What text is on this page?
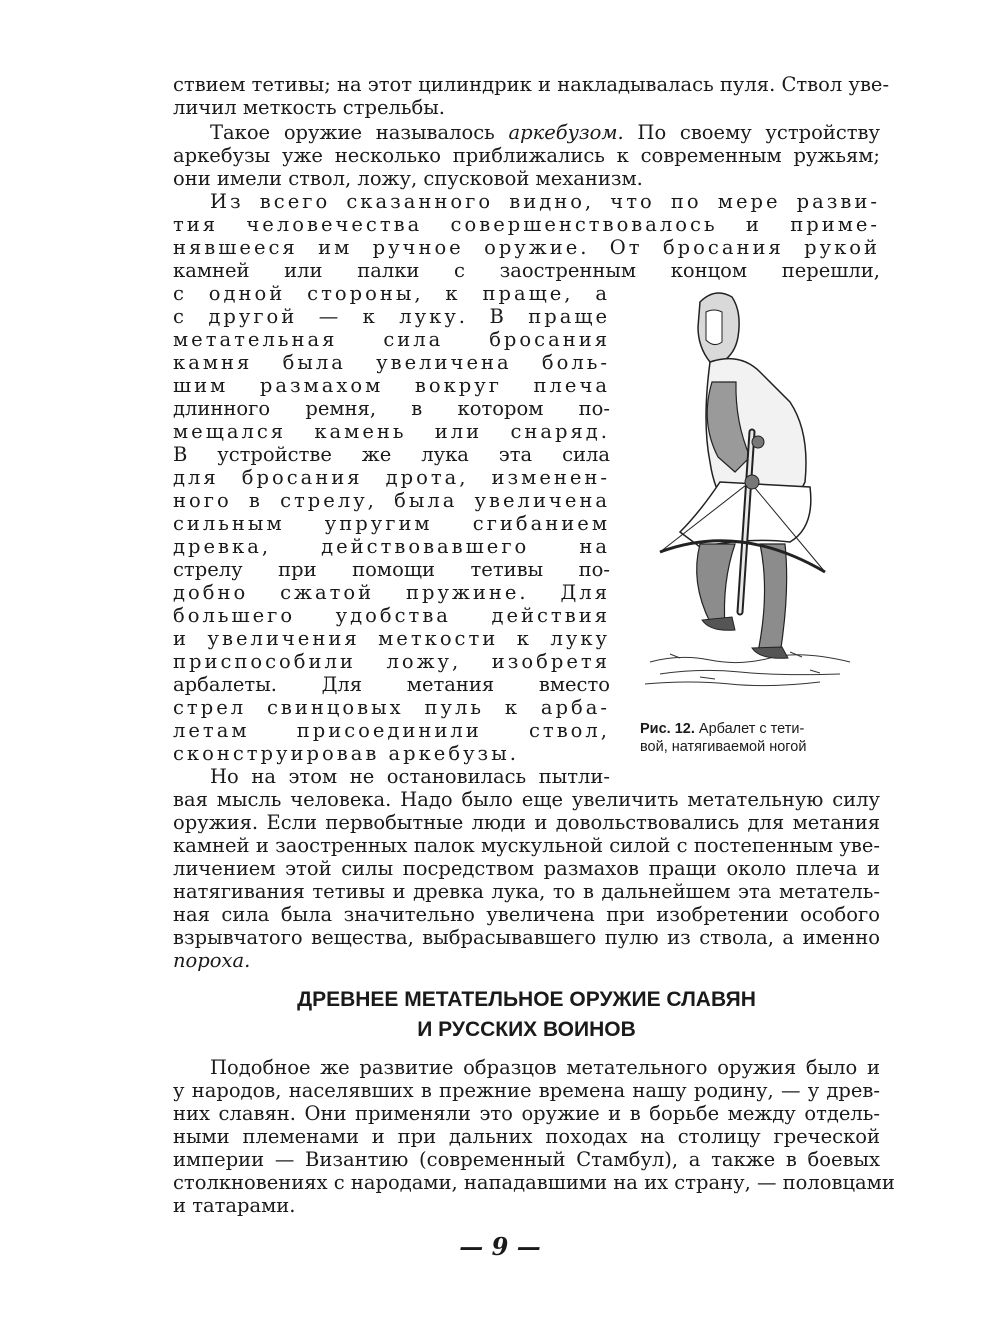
ствием тетивы; на этот цилиндрик и накладывалась пуля. Ствол уве-
личил меткость стрельбы.
Такое оружие называлось аркебузом. По своему устройству
аркебузы уже несколько приближались к современным ружьям;
они имели ствол, ложу, спусковой механизм.
Из всего сказанного видно, что по мере разви-
тия человечества совершенствовалось и приме-
нявшееся им ручное оружие. От бросания рукой
камней или палки с заостренным концом перешли,
с одной стороны, к праще, а
с другой — к луку. В праще
метательная сила бросания
камня была увеличена боль-
шим размахом вокруг плеча
длинного ремня, в котором по-
мещался камень или снаряд.
В устройстве же лука эта сила
для бросания дрота, изменен-
ного в стрелу, была увеличена
сильным упругим сгибанием
древка, действовавшего на
стрелу при помощи тетивы по-
добно сжатой пружине. Для
большего удобства действия
и увеличения меткости к луку
приспособили ложу, изобретя
арбалеты. Для метания вместо
стрел свинцовых пуль к арба-
летам присоединили ствол,
сконструировав аркебузы.
Но на этом не остановилась пытли-
вая мысль человека. Надо было еще увеличить метательную силу
оружия. Если первобытные люди и довольствовались для метания
камней и заостренных палок мускульной силой с постепенным уве-
личением этой силы посредством размахов пращи около плеча и
натягивания тетивы и древка лука, то в дальнейшем эта метатель-
ная сила была значительно увеличена при изобретении особого
взрывчатого вещества, выбрасывавшего пулю из ствола, а именно
пороха.
Рис. 12. Арбалет с тети-
вой, натягиваемой ногой
ДРЕВНЕЕ МЕТАТЕЛЬНОЕ ОРУЖИЕ СЛАВЯН
И РУССКИХ ВОИНОВ
Подобное же развитие образцов метательного оружия было и
у народов, населявших в прежние времена нашу родину, — у древ-
них славян. Они применяли это оружие и в борьбе между отдель-
ными племенами и при дальних походах на столицу греческой
империи — Византию (современный Стамбул), а также в боевых
столкновениях с народами, нападавшими на их страну, — половцами
и татарами.
— 9 —
